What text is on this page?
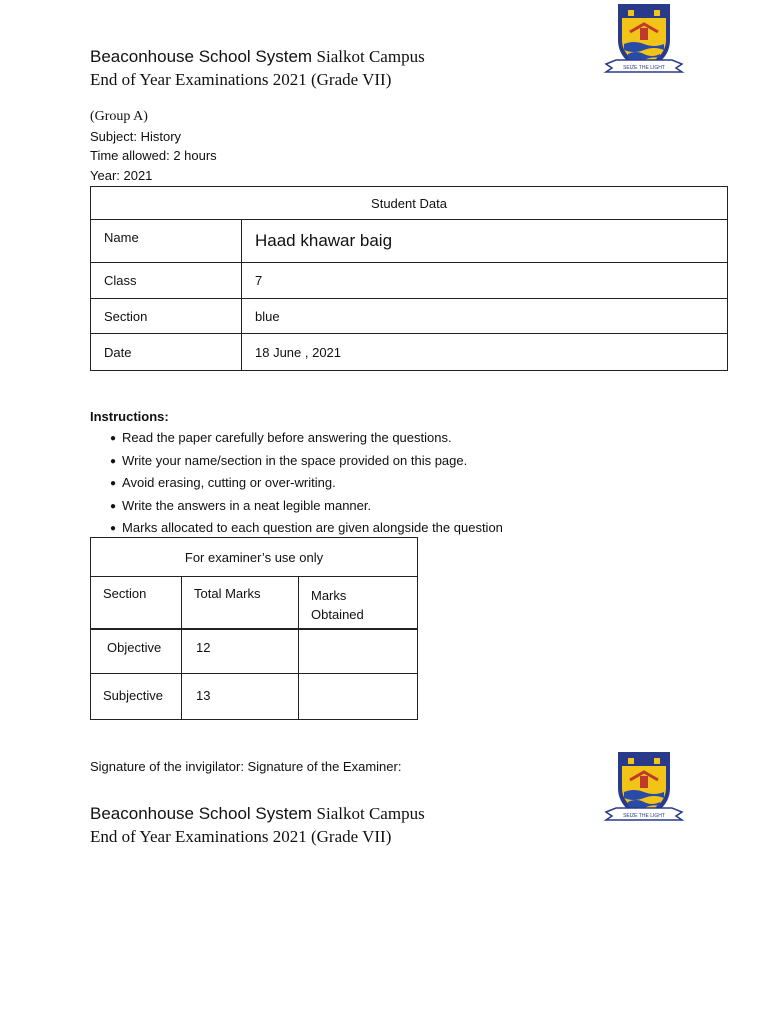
Beaconhouse School System Sialkot Campus
End of Year Examinations 2021 (Grade VII)
SEIZE THE LIGHT
(Group A)
Subject: History
Time allowed: 2 hours
Year: 2021
Student Data	
Name	Haad khawar baig
Class	7
Section	blue
Date	18 June , 2021
Instructions:
● Read the paper carefully before answering the questions.
● Write your name/section in the space provided on this page.
● Avoid erasing, cutting or over-writing.
● Write the answers in a neat legible manner.
● Marks allocated to each question are given alongside the question
For examiner’s use only		
Section	Total Marks	Marks Obtained
Objective	12	
Subjective	13	
Signature of the invigilator: Signature of the Examiner:
Beaconhouse School System Sialkot Campus
End of Year Examinations 2021 (Grade VII)
SEIZE THE LIGHT
